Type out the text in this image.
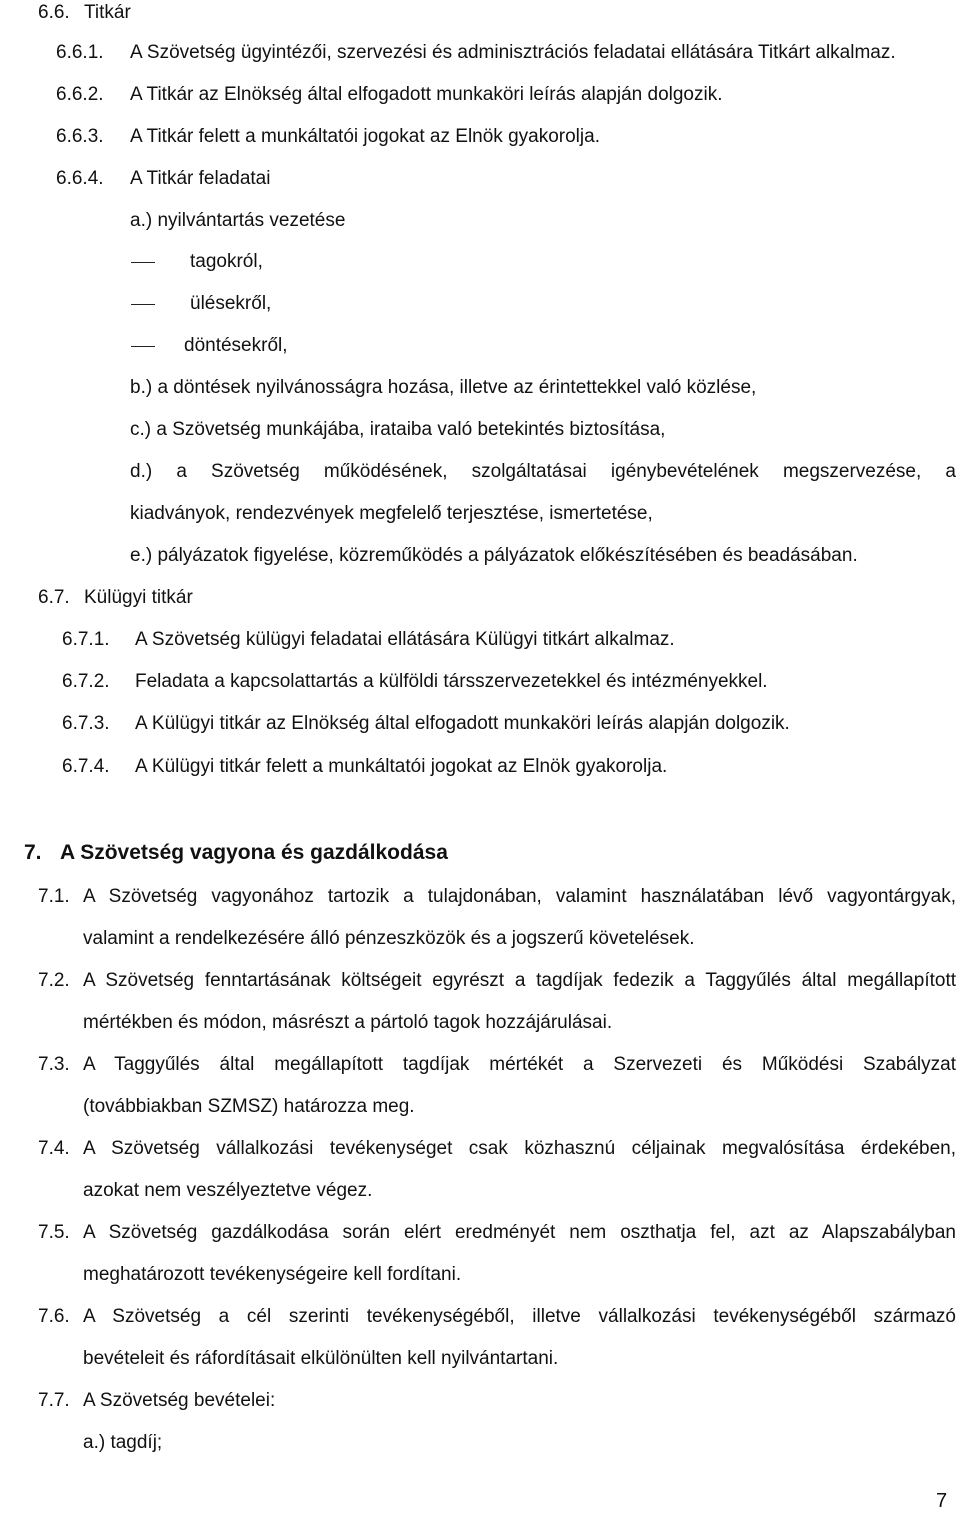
6.6. Titkár
6.6.1. A Szövetség ügyintézői, szervezési és adminisztrációs feladatai ellátására Titkárt alkalmaz.
6.6.2. A Titkár az Elnökség által elfogadott munkaköri leírás alapján dolgozik.
6.6.3. A Titkár felett a munkáltatói jogokat az Elnök gyakorolja.
6.6.4. A Titkár feladatai
a.) nyilvántartás vezetése
tagokról,
ülésekről,
döntésekről,
b.) a döntések nyilvánosságra hozása, illetve az érintettekkel való közlése,
c.) a Szövetség munkájába, irataiba való betekintés biztosítása,
d.) a Szövetség működésének, szolgáltatásai igénybevételének megszervezése, a
kiadványok, rendezvények megfelelő terjesztése, ismertetése,
e.) pályázatok figyelése, közreműködés a pályázatok előkészítésében és beadásában.
6.7. Külügyi titkár
6.7.1. A Szövetség külügyi feladatai ellátására Külügyi titkárt alkalmaz.
6.7.2. Feladata a kapcsolattartás a külföldi társszervezetekkel és intézményekkel.
6.7.3. A Külügyi titkár az Elnökség által elfogadott munkaköri leírás alapján dolgozik.
6.7.4. A Külügyi titkár felett a munkáltatói jogokat az Elnök gyakorolja.
7. A Szövetség vagyona és gazdálkodása
7.1. A Szövetség vagyonához tartozik a tulajdonában, valamint használatában lévő vagyontárgyak,
valamint a rendelkezésére álló pénzeszközök és a jogszerű követelések.
7.2. A Szövetség fenntartásának költségeit egyrészt a tagdíjak fedezik a Taggyűlés által megállapított
mértékben és módon, másrészt a pártoló tagok hozzájárulásai.
7.3. A Taggyűlés által megállapított tagdíjak mértékét a Szervezeti és Működési Szabályzat
(továbbiakban SZMSZ) határozza meg.
7.4. A Szövetség vállalkozási tevékenységet csak közhasznú céljainak megvalósítása érdekében,
azokat nem veszélyeztetve végez.
7.5. A Szövetség gazdálkodása során elért eredményét nem oszthatja fel, azt az Alapszabályban
meghatározott tevékenységeire kell fordítani.
7.6. A Szövetség a cél szerinti tevékenységéből, illetve vállalkozási tevékenységéből származó
bevételeit és ráfordításait elkülönülten kell nyilvántartani.
7.7. A Szövetség bevételei:
a.) tagdíj;
7
